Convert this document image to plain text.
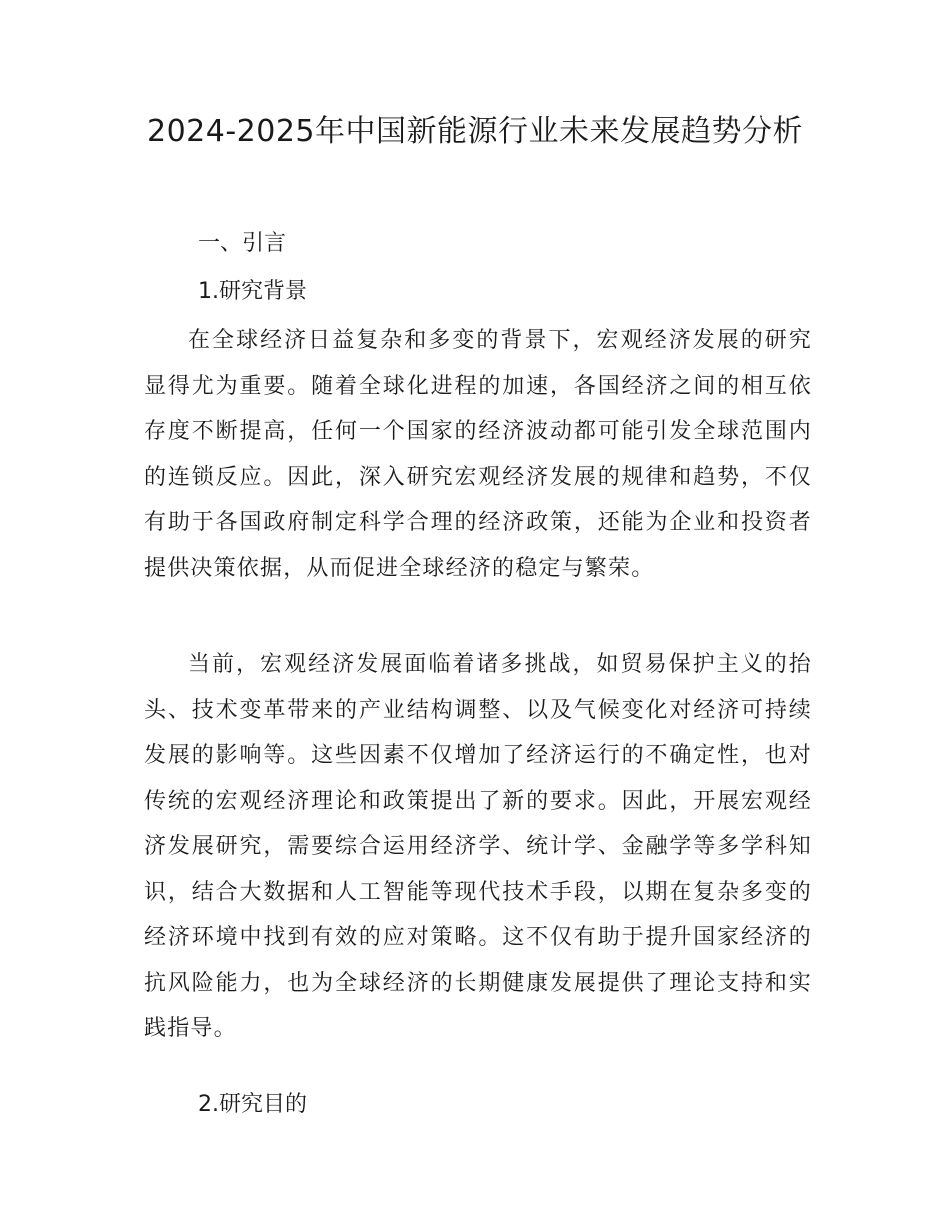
2024-2025年中国新能源行业未来发展趋势分析
一、引言
1.研究背景

在全球经济日益复杂和多变的背景下，宏观经济发展的研究显得尤为重要。随着全球化进程的加速，各国经济之间的相互依存度不断提高，任何一个国家的经济波动都可能引发全球范围内的连锁反应。因此，深入研究宏观经济发展的规律和趋势，不仅有助于各国政府制定科学合理的经济政策，还能为企业和投资者提供决策依据，从而促进全球经济的稳定与繁荣。

当前，宏观经济发展面临着诸多挑战，如贸易保护主义的抬头、技术变革带来的产业结构调整、以及气候变化对经济可持续发展的影响等。这些因素不仅增加了经济运行的不确定性，也对传统的宏观经济理论和政策提出了新的要求。因此，开展宏观经济发展研究，需要综合运用经济学、统计学、金融学等多学科知识，结合大数据和人工智能等现代技术手段，以期在复杂多变的经济环境中找到有效的应对策略。这不仅有助于提升国家经济的抗风险能力，也为全球经济的长期健康发展提供了理论支持和实践指导。

2.研究目的
